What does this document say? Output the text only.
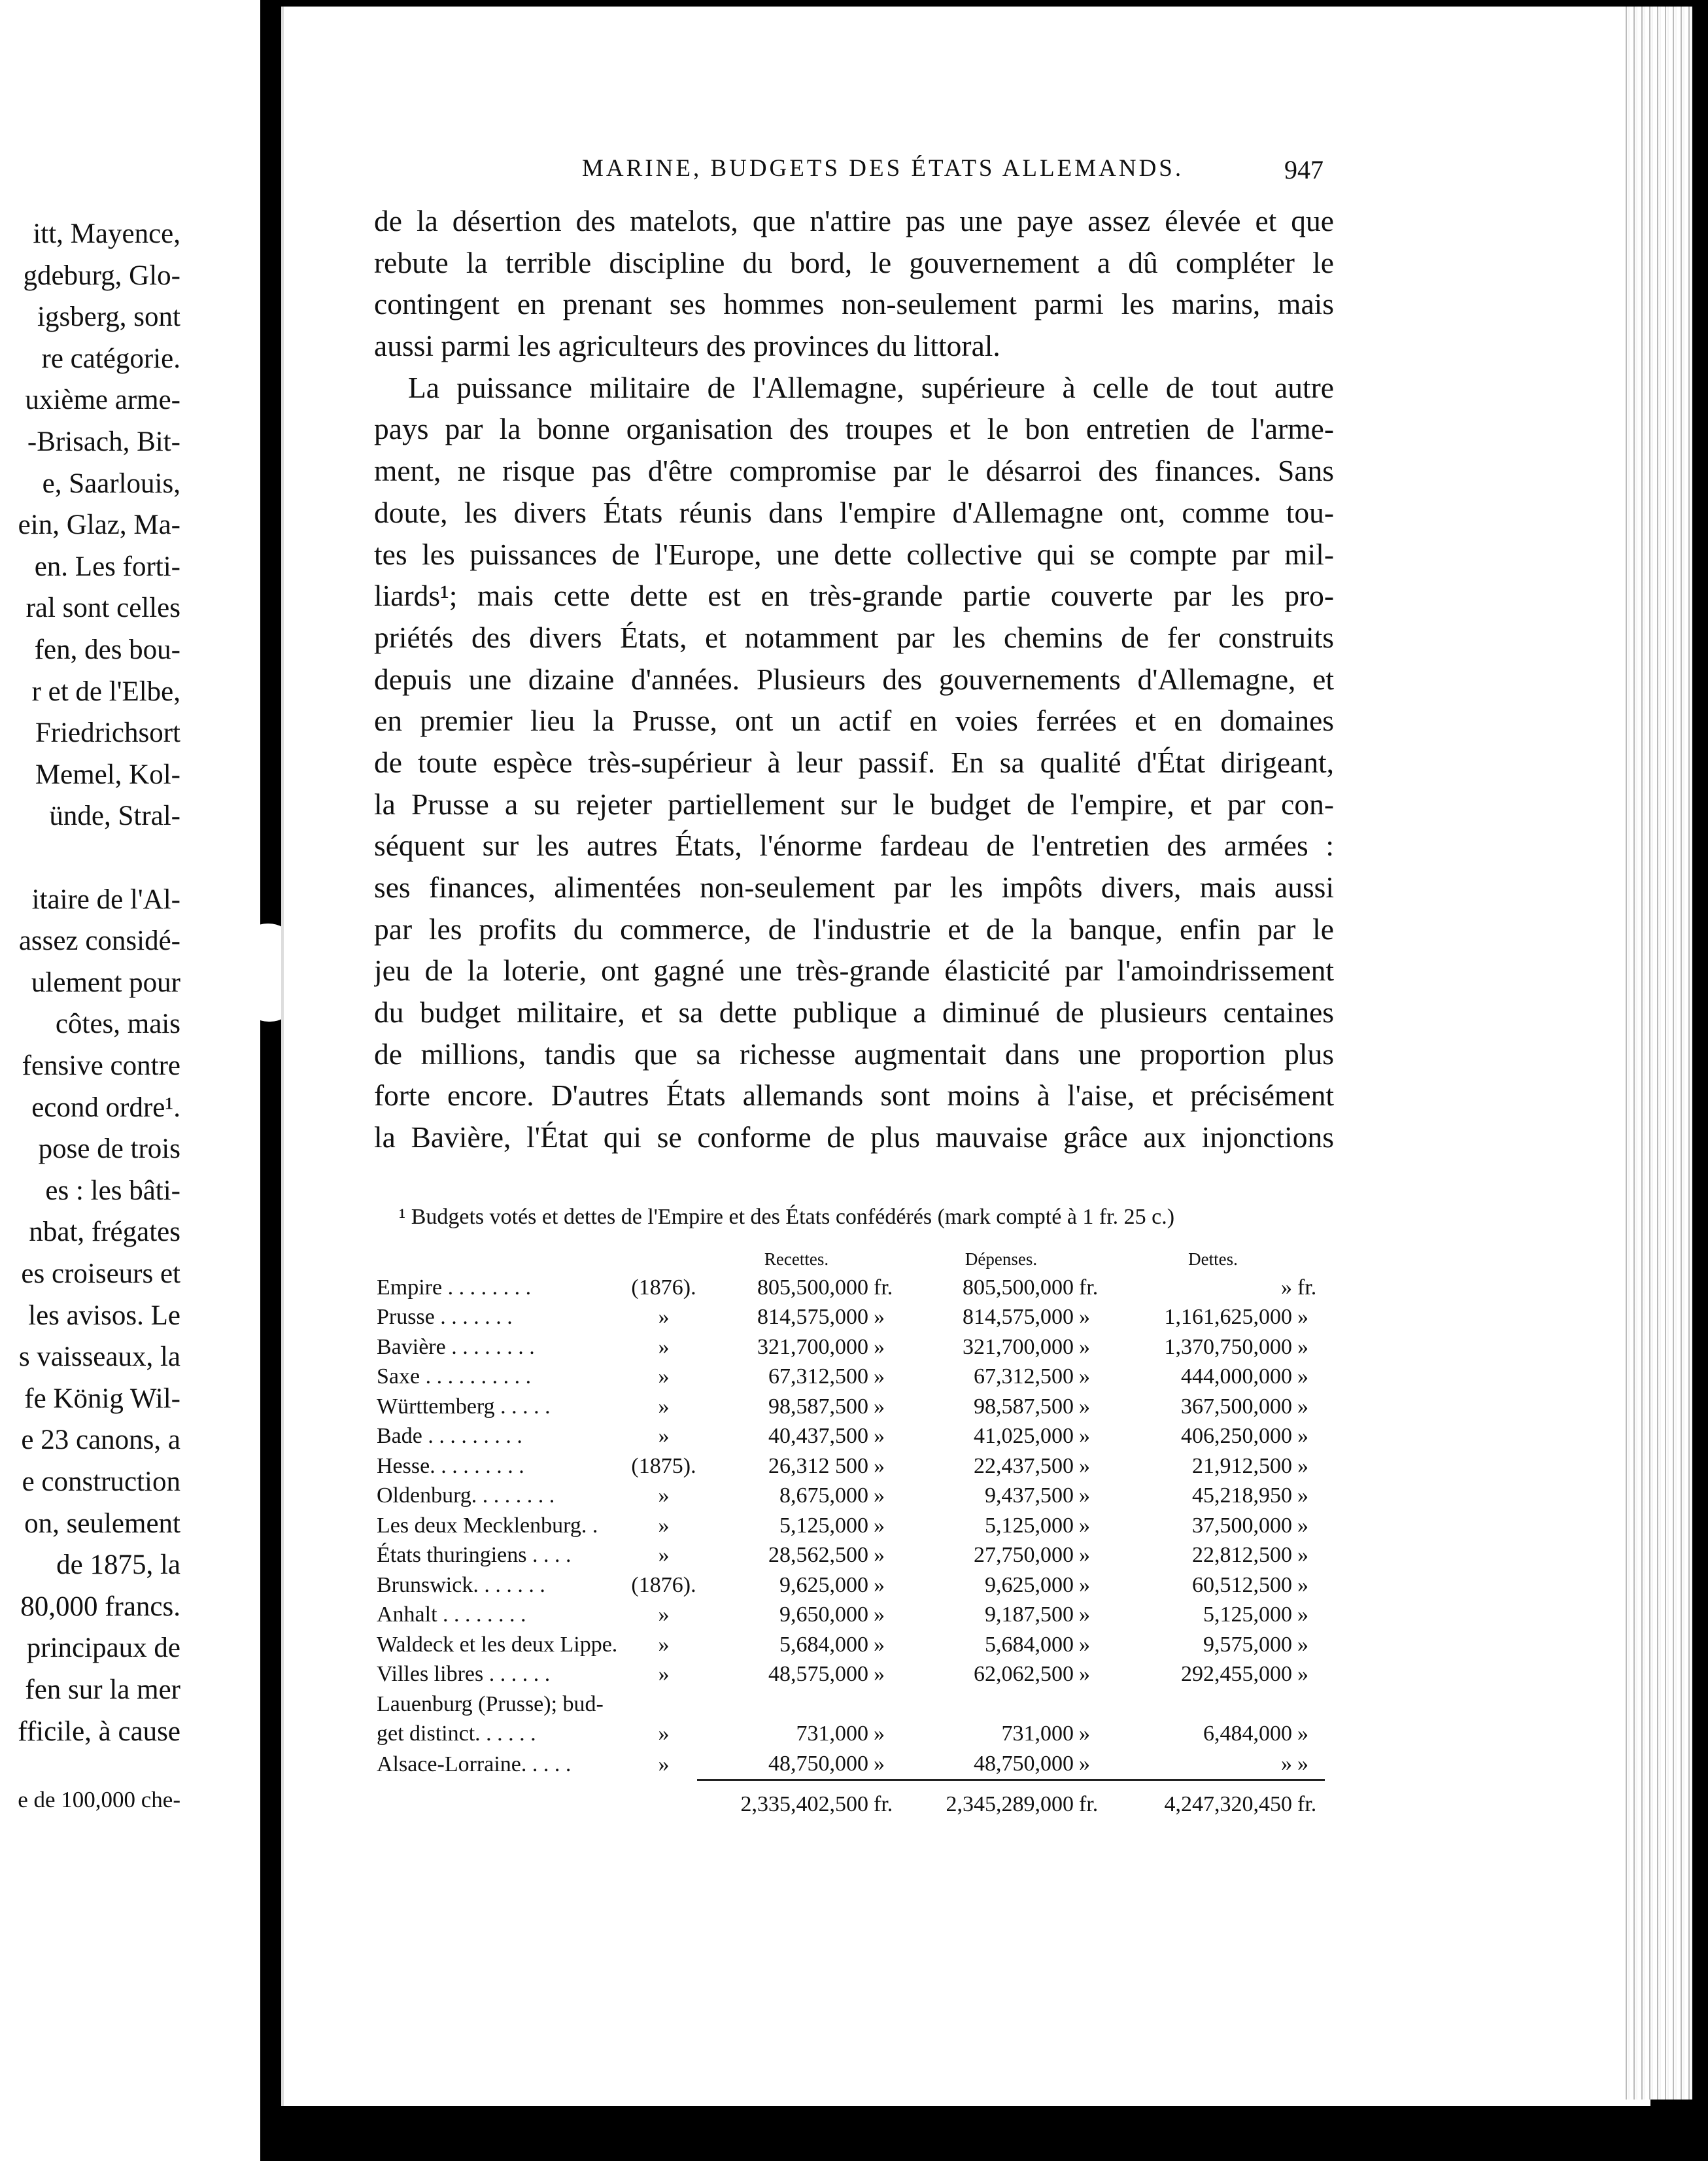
itt, Mayence,
gdeburg, Glo-
igsberg, sont
re catégorie.
uxième arme-
-Brisach, Bit-
e, Saarlouis,
ein, Glaz, Ma-
en. Les forti-
ral sont celles
fen, des bou-
r et de l'Elbe,
Friedrichsort
Memel, Kol-
ünde, Stral-
itaire de l'Al-
assez considé-
ulement pour
côtes, mais
fensive contre
econd ordre¹.
pose de trois
es : les bâti-
nbat, frégates
es croiseurs et
les avisos. Le
s vaisseaux, la
fe König Wil-
e 23 canons, a
e construction
on, seulement
de 1875, la
80,000 francs.
principaux de
fen sur la mer
fficile, à cause
e de 100,000 che-
MARINE, BUDGETS DES ÉTATS ALLEMANDS.	947
de la désertion des matelots, que n'attire pas une paye assez élevée et que
rebute la terrible discipline du bord, le gouvernement a dû compléter le
contingent en prenant ses hommes non-seulement parmi les marins, mais
aussi parmi les agriculteurs des provinces du littoral.
La puissance militaire de l'Allemagne, supérieure à celle de tout autre
pays par la bonne organisation des troupes et le bon entretien de l'arme-
ment, ne risque pas d'être compromise par le désarroi des finances. Sans
doute, les divers États réunis dans l'empire d'Allemagne ont, comme tou-
tes les puissances de l'Europe, une dette collective qui se compte par mil-
liards¹; mais cette dette est en très-grande partie couverte par les pro-
priétés des divers États, et notamment par les chemins de fer construits
depuis une dizaine d'années. Plusieurs des gouvernements d'Allemagne, et
en premier lieu la Prusse, ont un actif en voies ferrées et en domaines
de toute espèce très-supérieur à leur passif. En sa qualité d'État dirigeant,
la Prusse a su rejeter partiellement sur le budget de l'empire, et par con-
séquent sur les autres États, l'énorme fardeau de l'entretien des armées :
ses finances, alimentées non-seulement par les impôts divers, mais aussi
par les profits du commerce, de l'industrie et de la banque, enfin par le
jeu de la loterie, ont gagné une très-grande élasticité par l'amoindrissement
du budget militaire, et sa dette publique a diminué de plusieurs centaines
de millions, tandis que sa richesse augmentait dans une proportion plus
forte encore. D'autres États allemands sont moins à l'aise, et précisément
la Bavière, l'État qui se conforme de plus mauvaise grâce aux injonctions
¹ Budgets votés et dettes de l'Empire et des États confédérés (mark compté à 1 fr. 25 c.)
		Recettes.	Dépenses.	Dettes.
Empire . . . . . . . .	(1876).	805,500,000 fr.	805,500,000 fr.	» fr.
Prusse . . . . . . .	»	814,575,000 »	814,575,000 »	1,161,625,000 »
Bavière . . . . . . . .	»	321,700,000 »	321,700,000 »	1,370,750,000 »
Saxe . . . . . . . . . .	»	67,312,500 »	67,312,500 »	444,000,000 »
Württemberg . . . . .	»	98,587,500 »	98,587,500 »	367,500,000 »
Bade . . . . . . . . .	»	40,437,500 »	41,025,000 »	406,250,000 »
Hesse. . . . . . . . .	(1875).	26,312 500 »	22,437,500 »	21,912,500 »
Oldenburg. . . . . . . .	»	8,675,000 »	9,437,500 »	45,218,950 »
Les deux Mecklenburg. .	»	5,125,000 »	5,125,000 »	37,500,000 »
États thuringiens . . . .	»	28,562,500 »	27,750,000 »	22,812,500 »
Brunswick. . . . . . .	(1876).	9,625,000 »	9,625,000 »	60,512,500 »
Anhalt . . . . . . . .	»	9,650,000 »	9,187,500 »	5,125,000 »
Waldeck et les deux Lippe.	»	5,684,000 »	5,684,000 »	9,575,000 »
Villes libres . . . . . .	»	48,575,000 »	62,062,500 »	292,455,000 »
Lauenburg (Prusse); bud-				
get distinct. . . . . .	»	731,000 »	731,000 »	6,484,000 »
Alsace-Lorraine. . . . .	»	48,750,000 »	48,750,000 »	» »
		2,335,402,500 fr.	2,345,289,000 fr.	4,247,320,450 fr.
